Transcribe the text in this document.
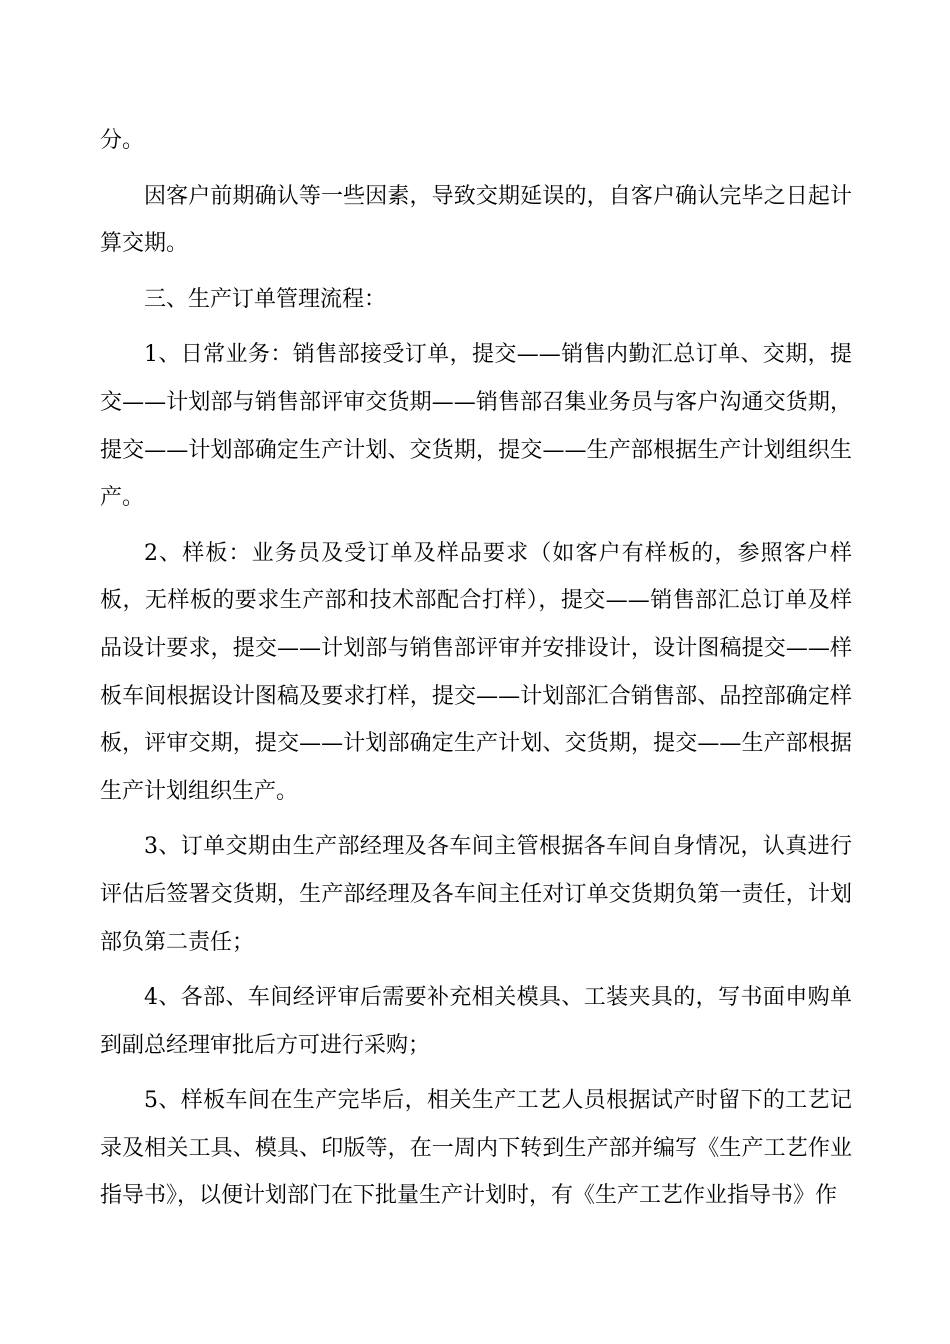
分。

因客户前期确认等一些因素，导致交期延误的，自客户确认完毕之日起计算交期。

三、生产订单管理流程：

1、日常业务：销售部接受订单，提交——销售内勤汇总订单、交期，提交——计划部与销售部评审交货期——销售部召集业务员与客户沟通交货期，提交——计划部确定生产计划、交货期，提交——生产部根据生产计划组织生产。

2、样板：业务员及受订单及样品要求（如客户有样板的，参照客户样板，无样板的要求生产部和技术部配合打样），提交——销售部汇总订单及样品设计要求，提交——计划部与销售部评审并安排设计，设计图稿提交——样板车间根据设计图稿及要求打样，提交——计划部汇合销售部、品控部确定样板，评审交期，提交——计划部确定生产计划、交货期，提交——生产部根据生产计划组织生产。

3、订单交期由生产部经理及各车间主管根据各车间自身情况，认真进行评估后签署交货期，生产部经理及各车间主任对订单交货期负第一责任，计划部负第二责任；

4、各部、车间经评审后需要补充相关模具、工装夹具的，写书面申购单到副总经理审批后方可进行采购；

5、样板车间在生产完毕后，相关生产工艺人员根据试产时留下的工艺记录及相关工具、模具、印版等，在一周内下转到生产部并编写《生产工艺作业指导书》，以便计划部门在下批量生产计划时，有《生产工艺作业指导书》作
